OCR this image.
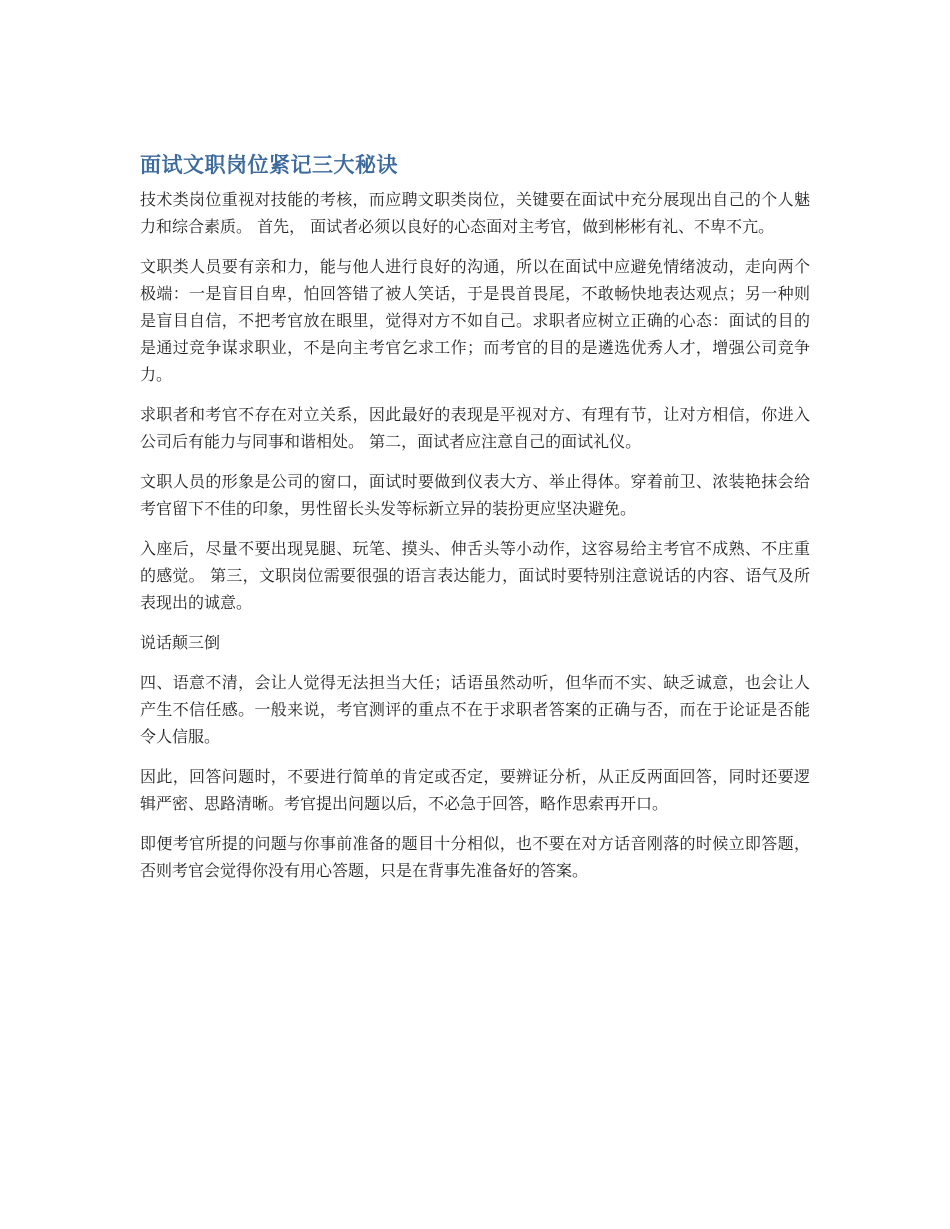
面试文职岗位紧记三大秘诀

技术类岗位重视对技能的考核，而应聘文职类岗位，关键要在面试中充分展现出自己的个人魅力和综合素质。 首先， 面试者必须以良好的心态面对主考官，做到彬彬有礼、不卑不亢。

文职类人员要有亲和力，能与他人进行良好的沟通，所以在面试中应避免情绪波动，走向两个极端：一是盲目自卑，怕回答错了被人笑话，于是畏首畏尾，不敢畅快地表达观点；另一种则是盲目自信，不把考官放在眼里，觉得对方不如自己。求职者应树立正确的心态：面试的目的是通过竞争谋求职业，不是向主考官乞求工作；而考官的目的是遴选优秀人才，增强公司竞争力。

求职者和考官不存在对立关系，因此最好的表现是平视对方、有理有节，让对方相信，你进入公司后有能力与同事和谐相处。 第二，面试者应注意自己的面试礼仪。

文职人员的形象是公司的窗口，面试时要做到仪表大方、举止得体。穿着前卫、浓装艳抹会给考官留下不佳的印象，男性留长头发等标新立异的装扮更应坚决避免。

入座后，尽量不要出现晃腿、玩笔、摸头、伸舌头等小动作，这容易给主考官不成熟、不庄重的感觉。 第三，文职岗位需要很强的语言表达能力，面试时要特别注意说话的内容、语气及所表现出的诚意。

说话颠三倒

四、语意不清，会让人觉得无法担当大任；话语虽然动听，但华而不实、缺乏诚意，也会让人产生不信任感。一般来说，考官测评的重点不在于求职者答案的正确与否，而在于论证是否能令人信服。

因此，回答问题时，不要进行简单的肯定或否定，要辨证分析，从正反两面回答，同时还要逻辑严密、思路清晰。考官提出问题以后，不必急于回答，略作思索再开口。

即便考官所提的问题与你事前准备的题目十分相似，也不要在对方话音刚落的时候立即答题，否则考官会觉得你没有用心答题，只是在背事先准备好的答案。
